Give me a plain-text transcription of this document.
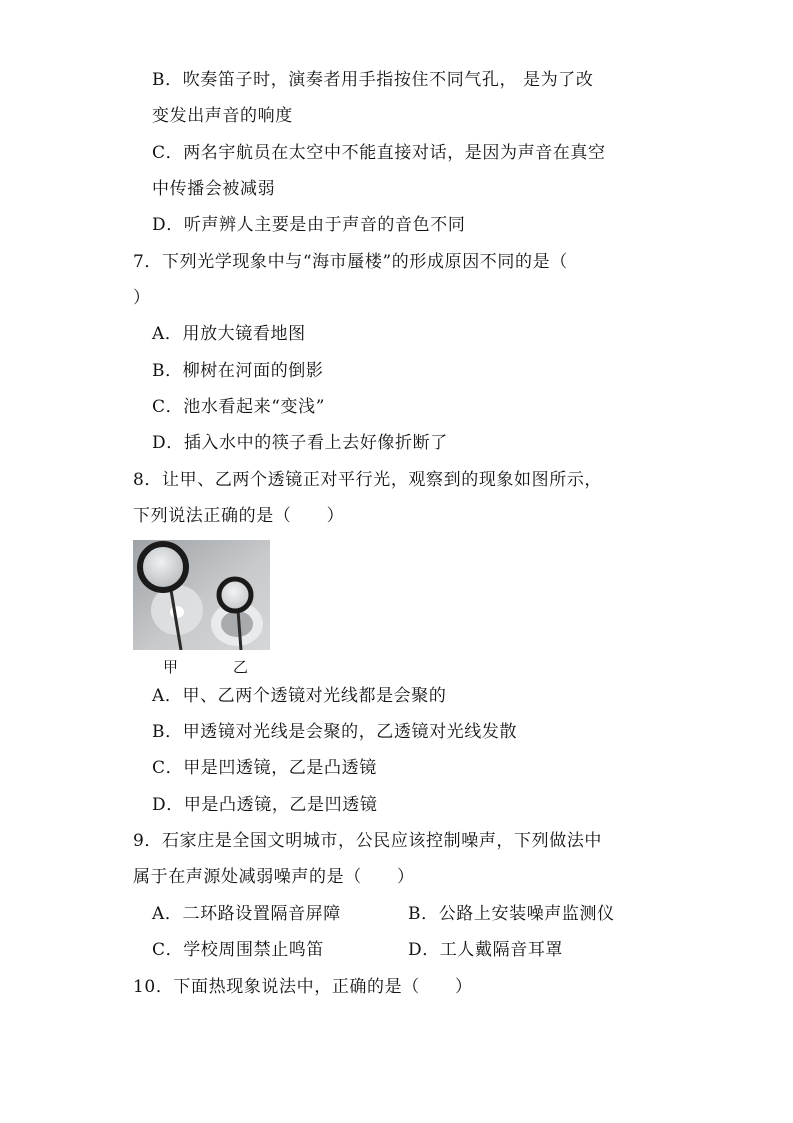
B．吹奏笛子时，演奏者用手指按住不同气孔， 是为了改
变发出声音的响度
C．两名宇航员在太空中不能直接对话，是因为声音在真空
中传播会被减弱
D．听声辨人主要是由于声音的音色不同
7．下列光学现象中与“海市蜃楼”的形成原因不同的是（
）
A．用放大镜看地图
B．柳树在河面的倒影
C．池水看起来“变浅”
D．插入水中的筷子看上去好像折断了
8．让甲、乙两个透镜正对平行光，观察到的现象如图所示，
下列说法正确的是（　　）
甲	乙
A．甲、乙两个透镜对光线都是会聚的
B．甲透镜对光线是会聚的，乙透镜对光线发散
C．甲是凹透镜，乙是凸透镜
D．甲是凸透镜，乙是凹透镜
9．石家庄是全国文明城市，公民应该控制噪声，下列做法中
属于在声源处减弱噪声的是（　　）
A．二环路设置隔音屏障	B．公路上安装噪声监测仪
C．学校周围禁止鸣笛	D．工人戴隔音耳罩
10．下面热现象说法中，正确的是（　　）
